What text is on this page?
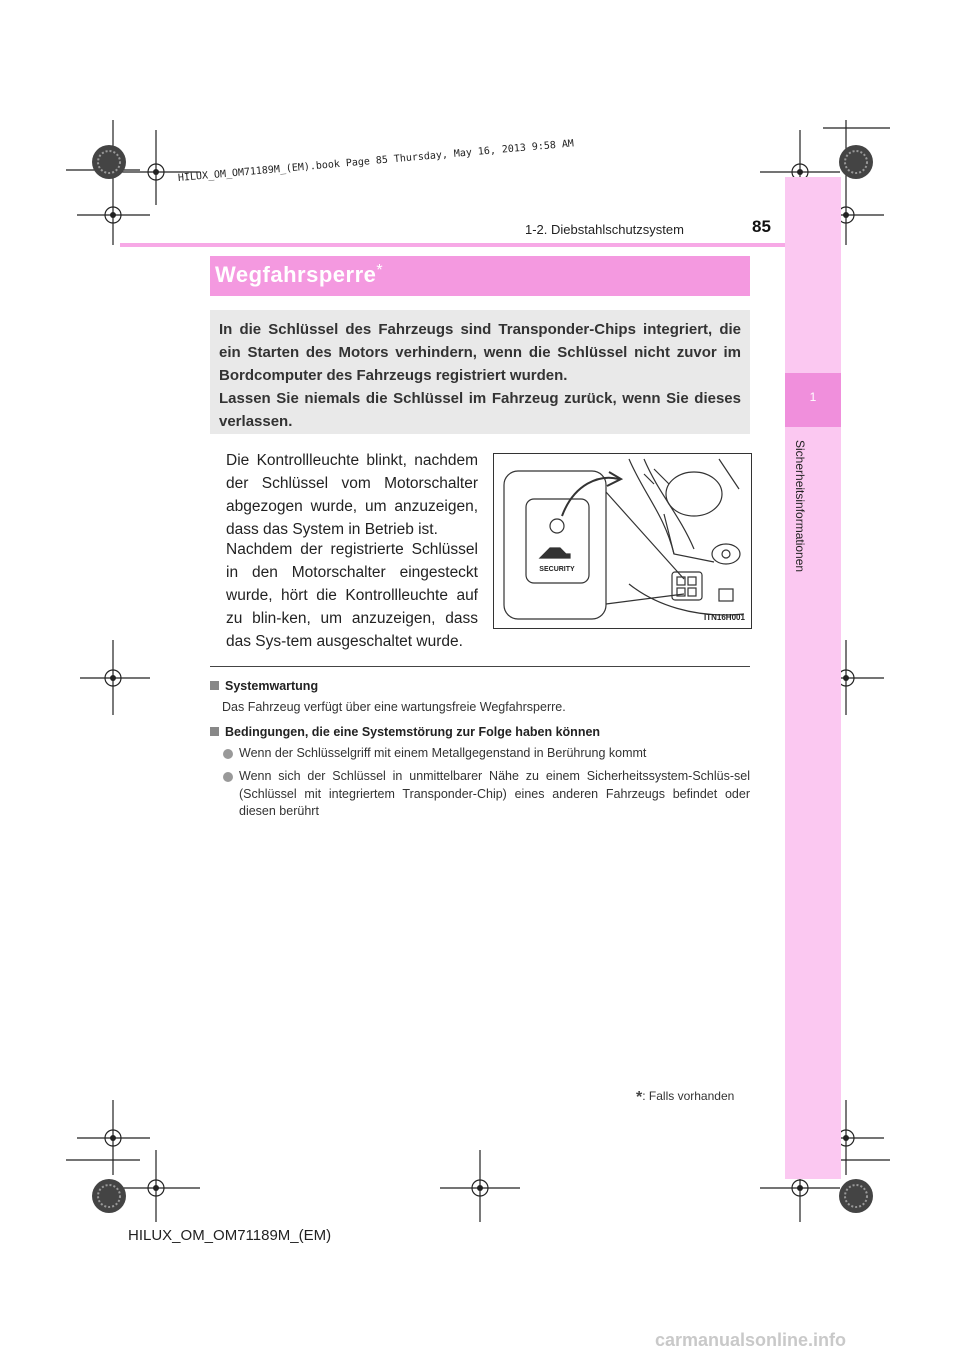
1
Sicherheitsinformationen
HILUX_OM_OM71189M_(EM).book Page 85 Thursday, May 16, 2013 9:58 AM
1-2. Diebstahlschutzsystem	85
Wegfahrsperre*

In die Schlüssel des Fahrzeugs sind Transponder-Chips integriert, die ein Starten des Motors verhindern, wenn die Schlüssel nicht zuvor im Bordcomputer des Fahrzeugs registriert wurden.

Lassen Sie niemals die Schlüssel im Fahrzeug zurück, wenn Sie dieses verlassen.

Die Kontrollleuchte blinkt, nachdem der Schlüssel vom Motorschalter abgezogen wurde, um anzuzeigen, dass das System in Betrieb ist.

Nachdem der registrierte Schlüssel in den Motorschalter eingesteckt wurde, hört die Kontrollleuchte auf zu blin-ken, um anzuzeigen, dass das Sys-tem ausgeschaltet wurde.

SECURITY
ITN16H001
Systemwartung
Das Fahrzeug verfügt über eine wartungsfreie Wegfahrsperre.
Bedingungen, die eine Systemstörung zur Folge haben können

Wenn der Schlüsselgriff mit einem Metallgegenstand in Berührung kommt

Wenn sich der Schlüssel in unmittelbarer Nähe zu einem Sicherheitssystem-Schlüs-sel (Schlüssel mit integriertem Transponder-Chip) eines anderen Fahrzeugs befindet oder diesen berührt

*: Falls vorhanden
HILUX_OM_OM71189M_(EM)
carmanualsonline.info
